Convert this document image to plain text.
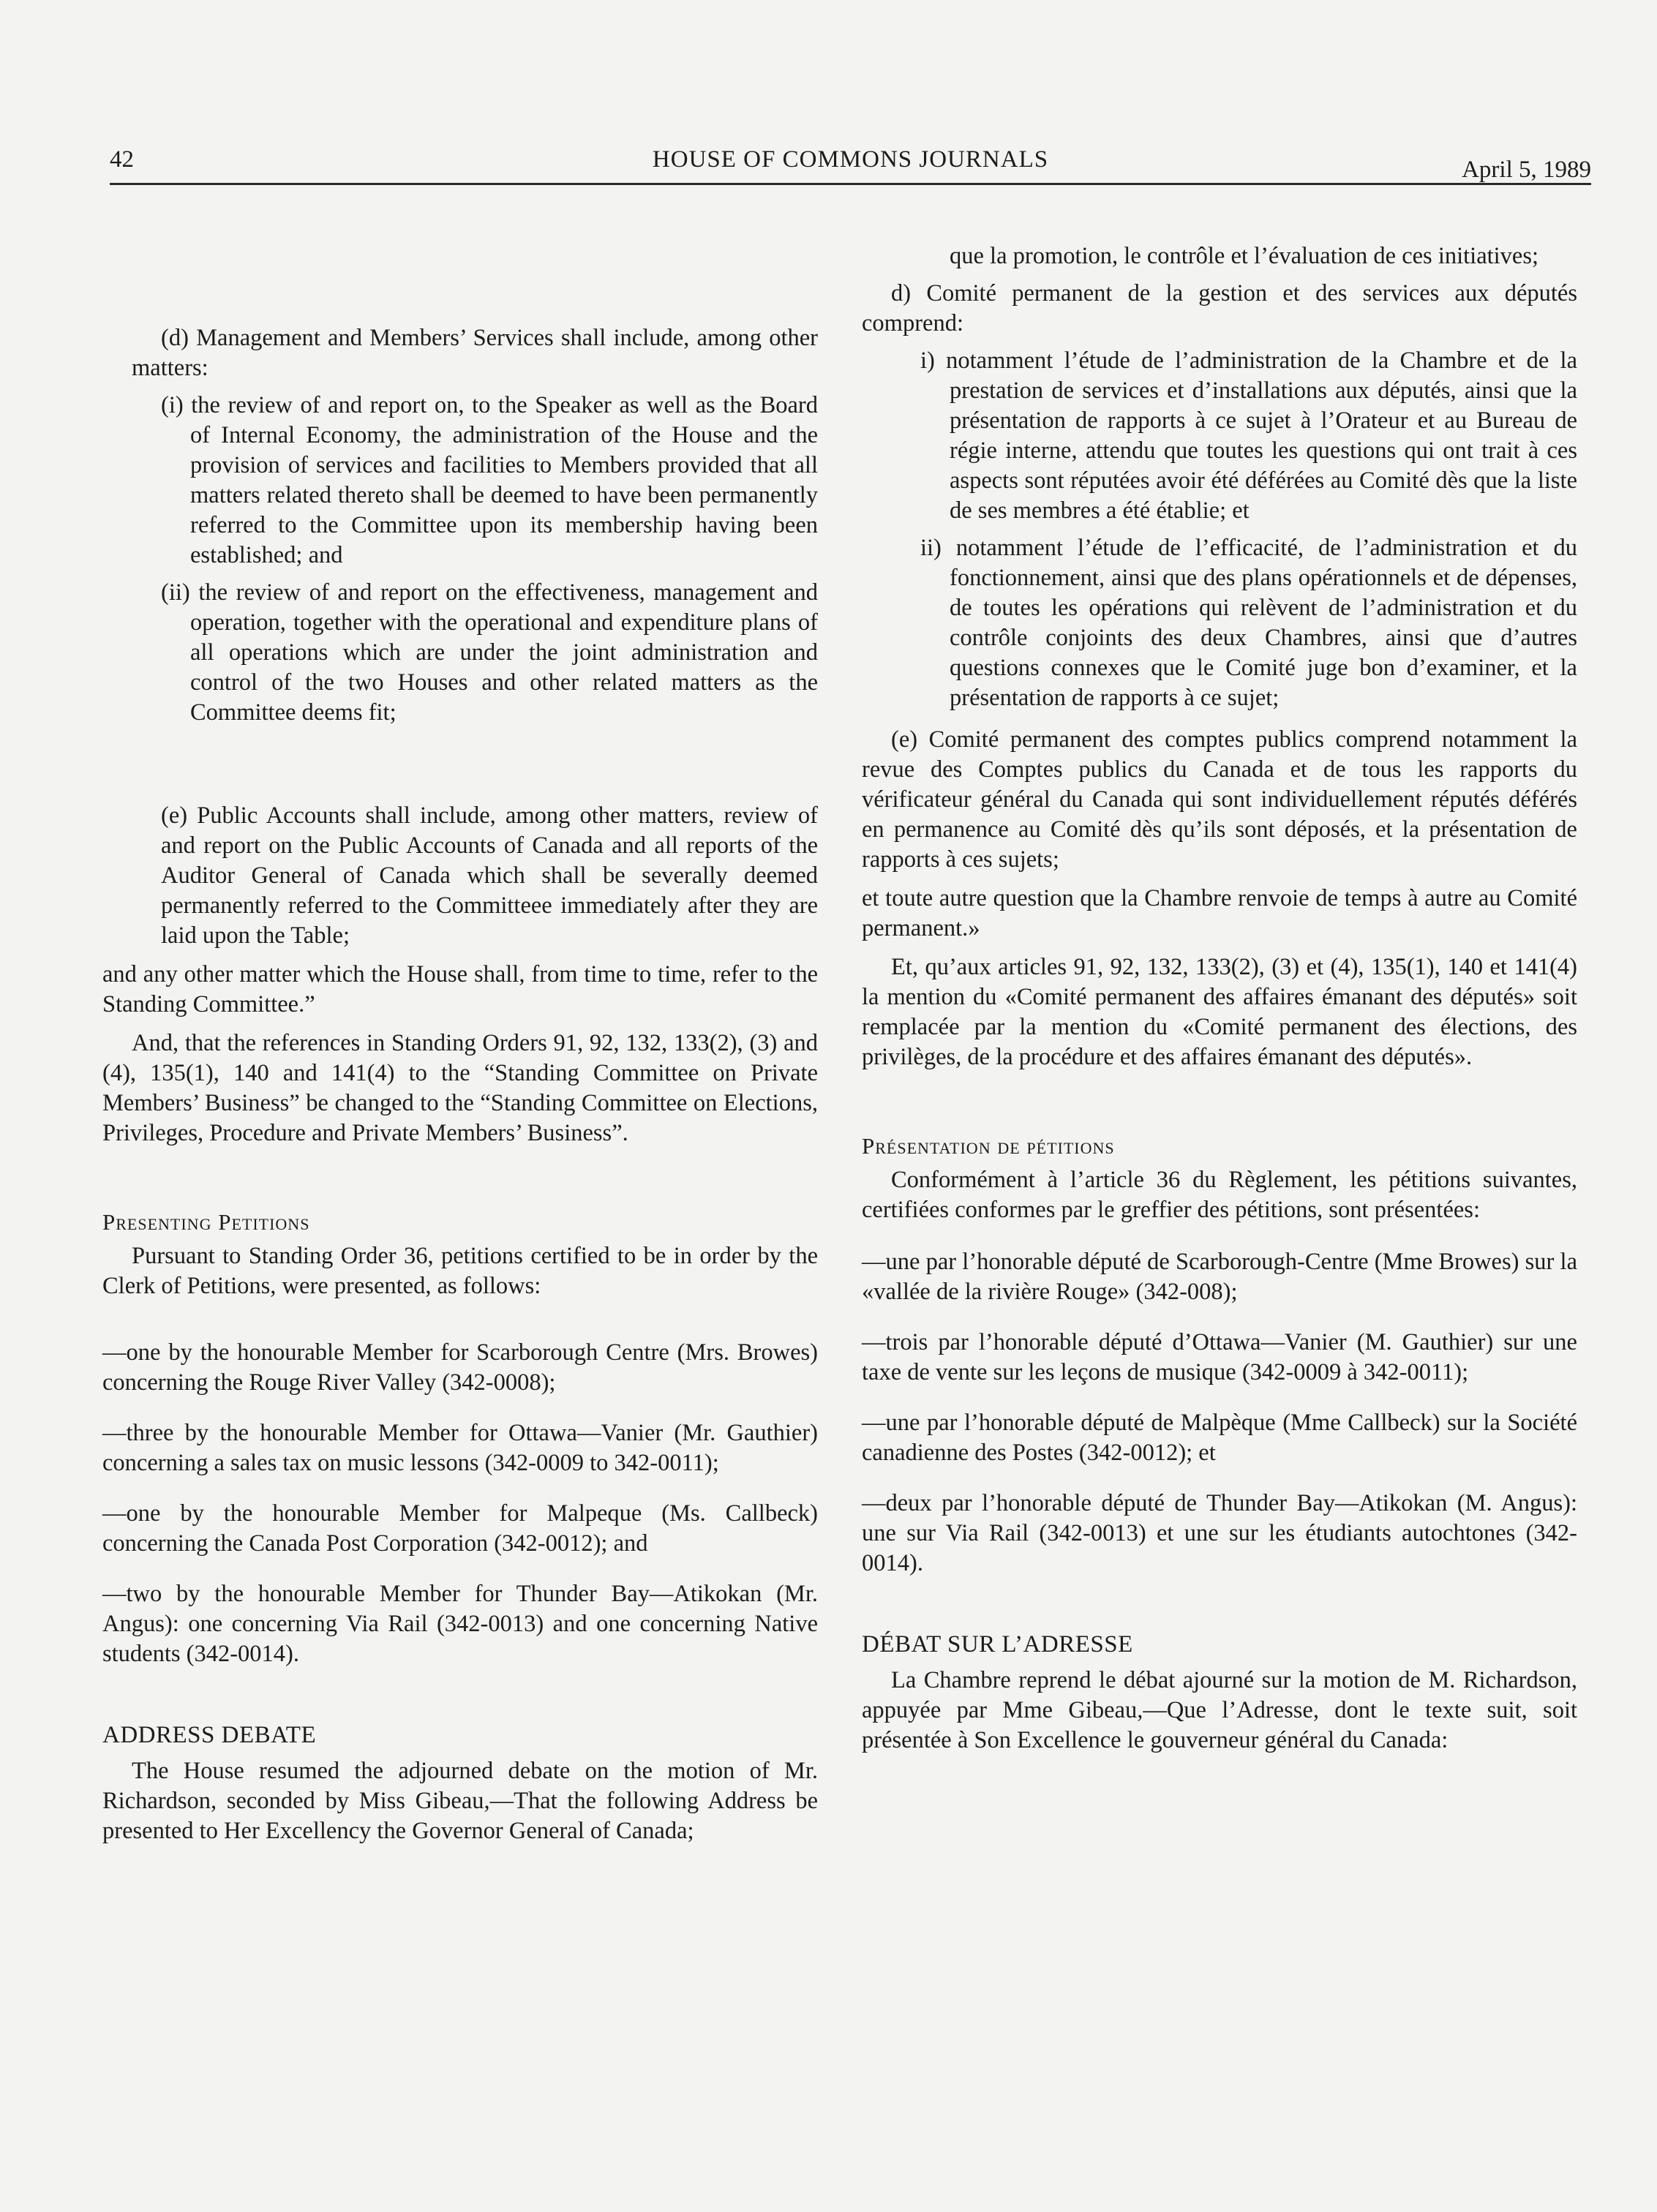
42	HOUSE OF COMMONS JOURNALS	April 5, 1989

(d) Management and Members’ Services shall include, among other matters:

(i) the review of and report on, to the Speaker as well as the Board of Internal Economy, the administration of the House and the provision of services and facilities to Members provided that all matters related thereto shall be deemed to have been permanently referred to the Committee upon its membership having been established; and

(ii) the review of and report on the effectiveness, management and operation, together with the operational and expenditure plans of all operations which are under the joint administration and control of the two Houses and other related matters as the Committee deems fit;

(e) Public Accounts shall include, among other matters, review of and report on the Public Accounts of Canada and all reports of the Auditor General of Canada which shall be severally deemed permanently referred to the Committeee immediately after they are laid upon the Table;

and any other matter which the House shall, from time to time, refer to the Standing Committee.”

And, that the references in Standing Orders 91, 92, 132, 133(2), (3) and (4), 135(1), 140 and 141(4) to the “Standing Committee on Private Members’ Business” be changed to the “Standing Committee on Elections, Privileges, Procedure and Private Members’ Business”.

Presenting Petitions

Pursuant to Standing Order 36, petitions certified to be in order by the Clerk of Petitions, were presented, as follows:

—one by the honourable Member for Scarborough Centre (Mrs. Browes) concerning the Rouge River Valley (342-0008);

—three by the honourable Member for Ottawa—Vanier (Mr. Gauthier) concerning a sales tax on music lessons (342-0009 to 342-0011);

—one by the honourable Member for Malpeque (Ms. Callbeck) concerning the Canada Post Corporation (342-0012); and

—two by the honourable Member for Thunder Bay—Atikokan (Mr. Angus): one concerning Via Rail (342-0013) and one concerning Native students (342-0014).

ADDRESS DEBATE

The House resumed the adjourned debate on the motion of Mr. Richardson, seconded by Miss Gibeau,—That the following Address be presented to Her Excellency the Governor General of Canada;

que la promotion, le contrôle et l’évaluation de ces initiatives;

d) Comité permanent de la gestion et des services aux députés comprend:

i) notamment l’étude de l’administration de la Chambre et de la prestation de services et d’installations aux députés, ainsi que la présentation de rapports à ce sujet à l’Orateur et au Bureau de régie interne, attendu que toutes les questions qui ont trait à ces aspects sont réputées avoir été déférées au Comité dès que la liste de ses membres a été établie; et

ii) notamment l’étude de l’efficacité, de l’administration et du fonctionnement, ainsi que des plans opérationnels et de dépenses, de toutes les opérations qui relèvent de l’administration et du contrôle conjoints des deux Chambres, ainsi que d’autres questions connexes que le Comité juge bon d’examiner, et la présentation de rapports à ce sujet;

(e) Comité permanent des comptes publics comprend notamment la revue des Comptes publics du Canada et de tous les rapports du vérificateur général du Canada qui sont individuellement réputés déférés en permanence au Comité dès qu’ils sont déposés, et la présentation de rapports à ces sujets;

et toute autre question que la Chambre renvoie de temps à autre au Comité permanent.»

Et, qu’aux articles 91, 92, 132, 133(2), (3) et (4), 135(1), 140 et 141(4) la mention du «Comité permanent des affaires émanant des députés» soit remplacée par la mention du «Comité permanent des élections, des privilèges, de la procédure et des affaires émanant des députés».

Présentation de pétitions

Conformément à l’article 36 du Règlement, les pétitions suivantes, certifiées conformes par le greffier des pétitions, sont présentées:

—une par l’honorable député de Scarborough-Centre (Mme Browes) sur la «vallée de la rivière Rouge» (342-008);

—trois par l’honorable député d’Ottawa—Vanier (M. Gauthier) sur une taxe de vente sur les leçons de musique (342-0009 à 342-0011);

—une par l’honorable député de Malpèque (Mme Callbeck) sur la Société canadienne des Postes (342-0012); et

—deux par l’honorable député de Thunder Bay—Atikokan (M. Angus): une sur Via Rail (342-0013) et une sur les étudiants autochtones (342-0014).

DÉBAT SUR L’ADRESSE

La Chambre reprend le débat ajourné sur la motion de M. Richardson, appuyée par Mme Gibeau,—Que l’Adresse, dont le texte suit, soit présentée à Son Excellence le gouverneur général du Canada:
